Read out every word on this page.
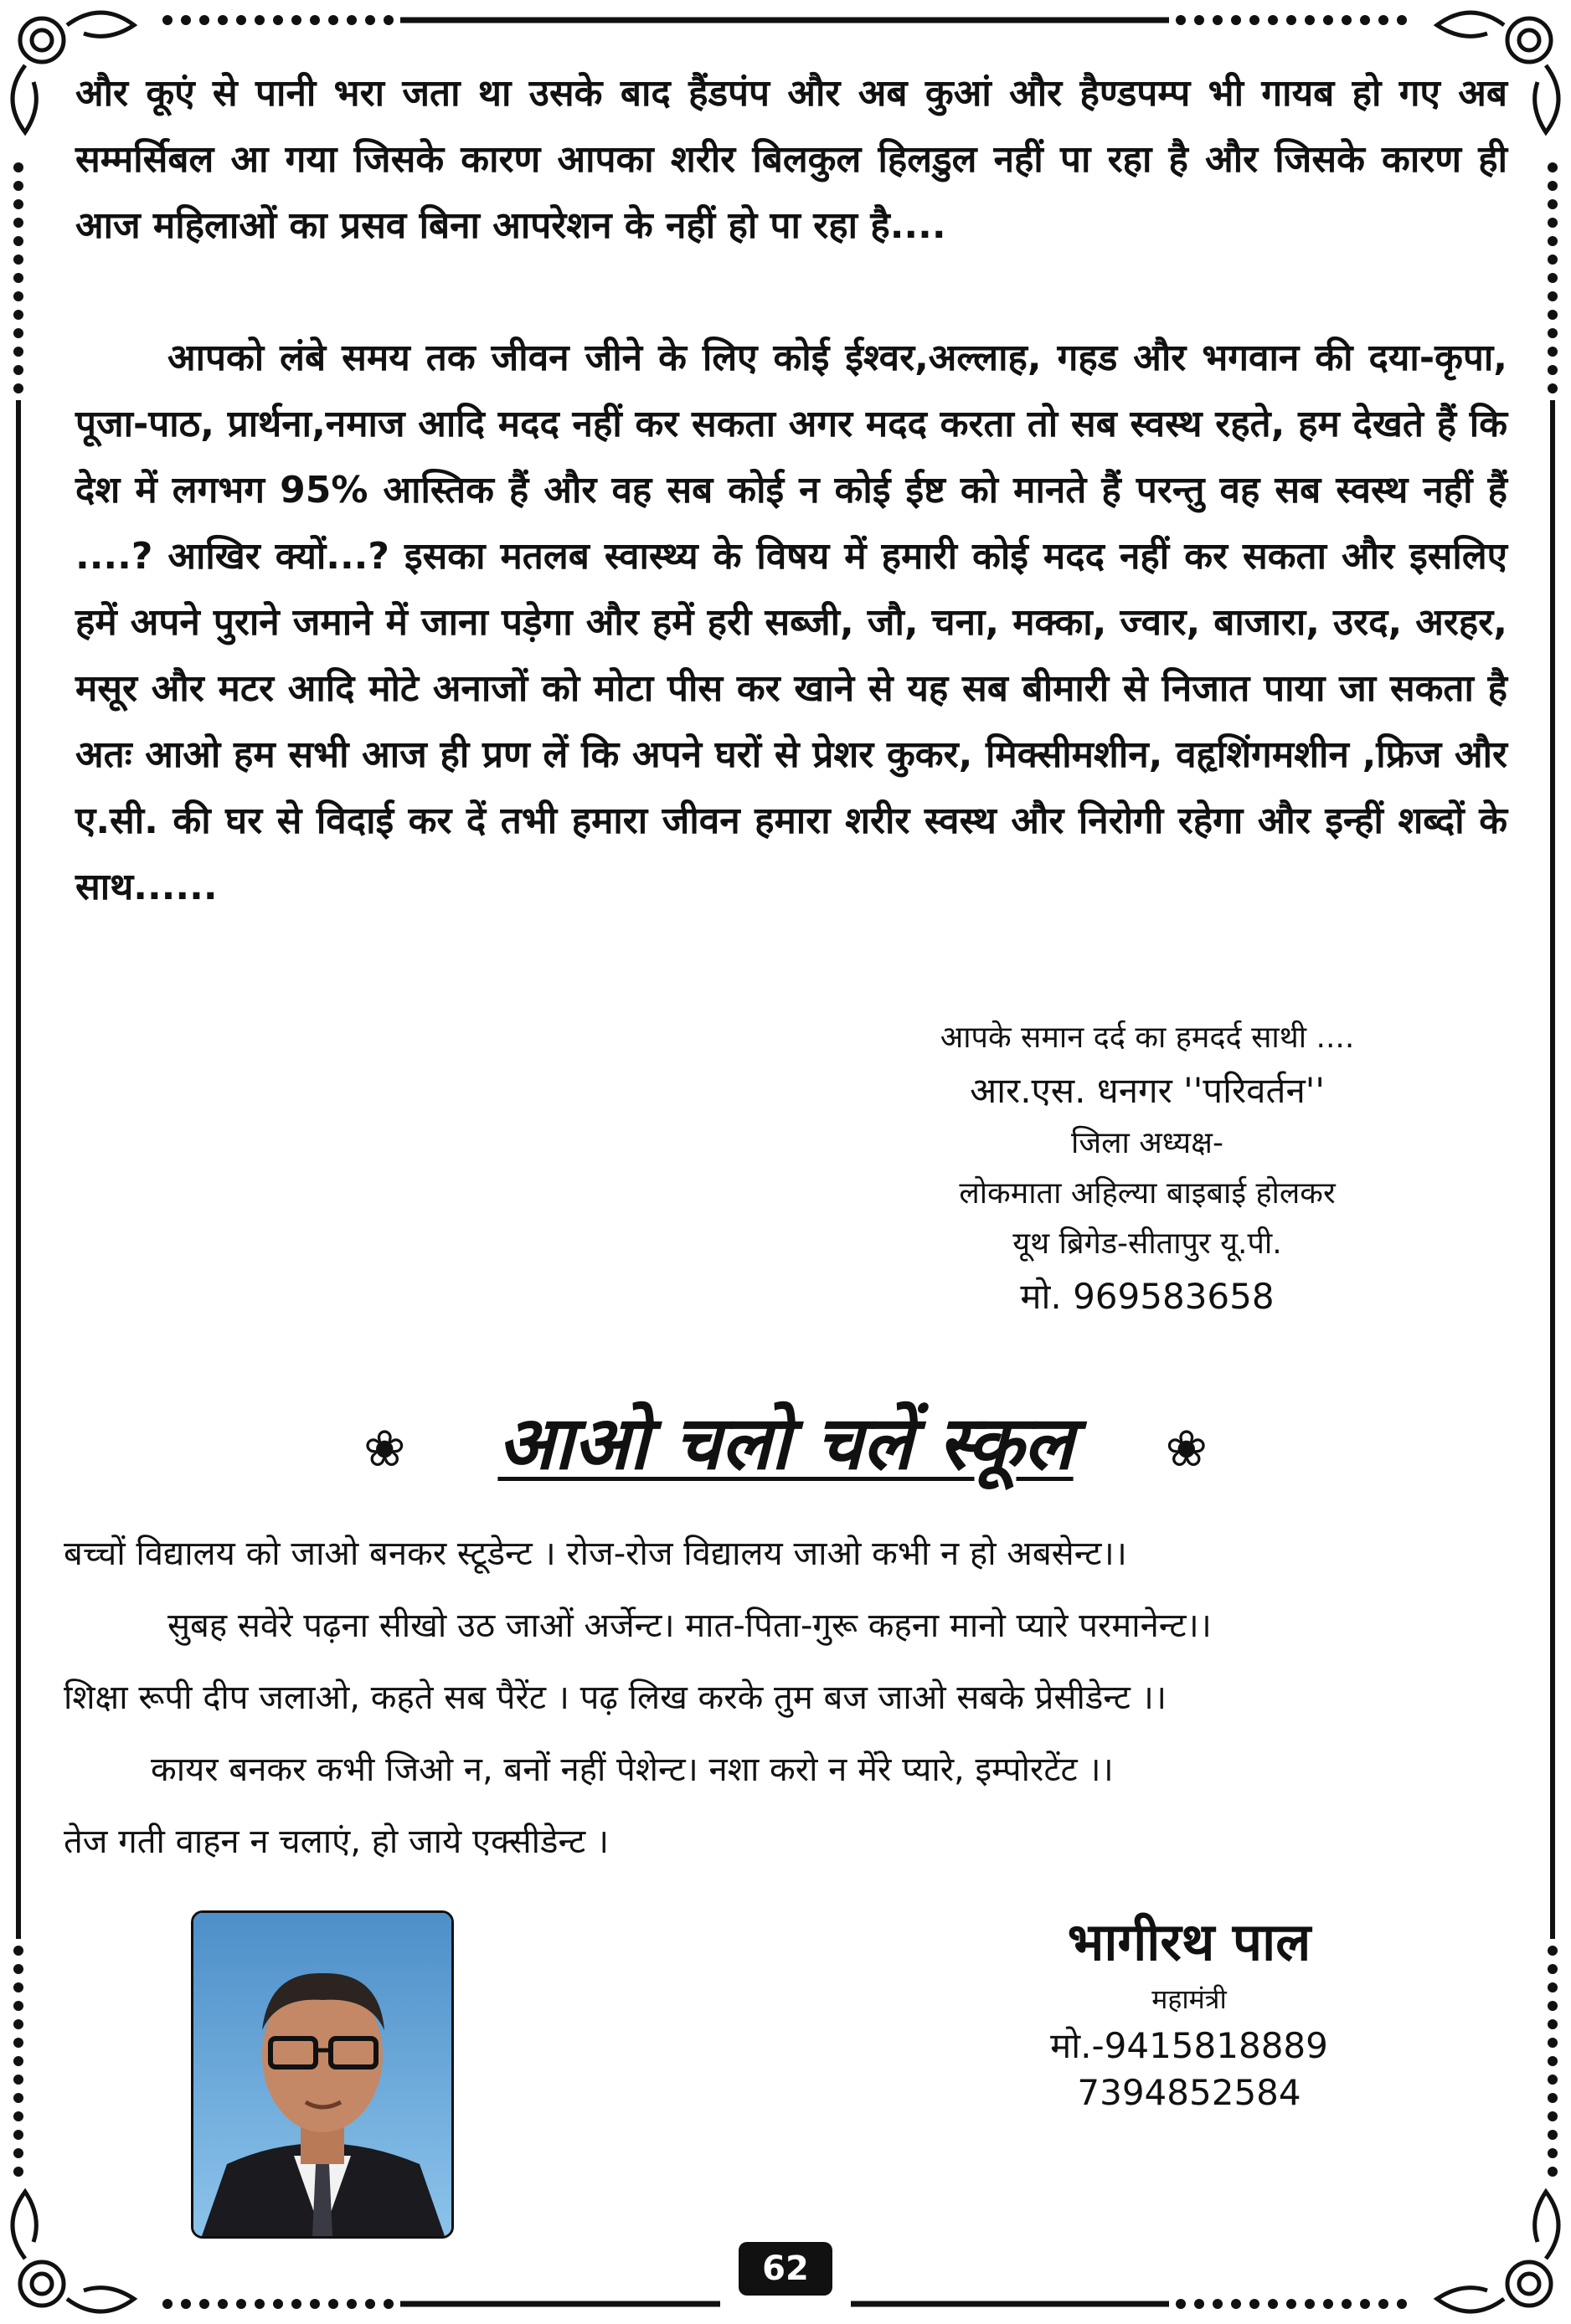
और कूएं से पानी भरा जता था उसके बाद हैंडपंप और अब कुआं और हैण्डपम्प भी गायब हो गए अब सम्मर्सिबल आ गया जिसके कारण आपका शरीर बिलकुल हिलडुल नहीं पा रहा है और जिसके कारण ही आज महिलाओं का प्रसव बिना आपरेशन के नहीं हो पा रहा है....

आपको लंबे समय तक जीवन जीने के लिए कोई ईश्वर,अल्लाह, गहड और भगवान की दया-कृपा, पूजा-पाठ, प्रार्थना,नमाज आदि मदद नहीं कर सकता अगर मदद करता तो सब स्वस्थ रहते, हम देखते हैं कि देश में लगभग 95% आस्तिक हैं और वह सब कोई न कोई ईष्ट को मानते हैं परन्तु वह सब स्वस्थ नहीं हैं ....? आखिर क्यों...? इसका मतलब स्वास्थ्य के विषय में हमारी कोई मदद नहीं कर सकता और इसलिए हमें अपने पुराने जमाने में जाना पड़ेगा और हमें हरी सब्जी, जौ, चना, मक्का, ज्वार, बाजारा, उरद, अरहर, मसूर और मटर आदि मोटे अनाजों को मोटा पीस कर खाने से यह सब बीमारी से निजात पाया जा सकता है अतः आओ हम सभी आज ही प्रण लें कि अपने घरों से प्रेशर कुकर, मिक्सीमशीन, वहृशिंगमशीन ,फ्रिज और ए.सी. की घर से विदाई कर दें तभी हमारा जीवन हमारा शरीर स्वस्थ और निरोगी रहेगा और इन्हीं शब्दों के साथ......

आपके समान दर्द का हमदर्द साथी ....
आर.एस. धनगर ''परिवर्तन''
जिला अध्यक्ष-
लोकमाता अहिल्या बाइबाई होलकर
यूथ ब्रिगेड-सीतापुर यू.पी.
मो. 969583658
❀ आओ चलो चलें स्कूल ❀
बच्चों विद्यालय को जाओ बनकर स्टूडेन्ट । रोज-रोज विद्यालय जाओ कभी न हो अबसेन्ट।।
सुबह सवेरे पढ़ना सीखो उठ जाओं अर्जेन्ट। मात-पिता-गुरू कहना मानो प्यारे परमानेन्ट।।
शिक्षा रूपी दीप जलाओ, कहते सब पैरेंट । पढ़ लिख करके तुम बज जाओ सबके प्रेसीडेन्ट ।।
कायर बनकर कभी जिओ न, बनों नहीं पेशेन्ट। नशा करो न मेंरे प्यारे, इम्पोरटेंट ।।
तेज गती वाहन न चलाएं, हो जाये एक्सीडेन्ट ।
भागीरथ पाल
महामंत्री
मो.-9415818889
7394852584
62
